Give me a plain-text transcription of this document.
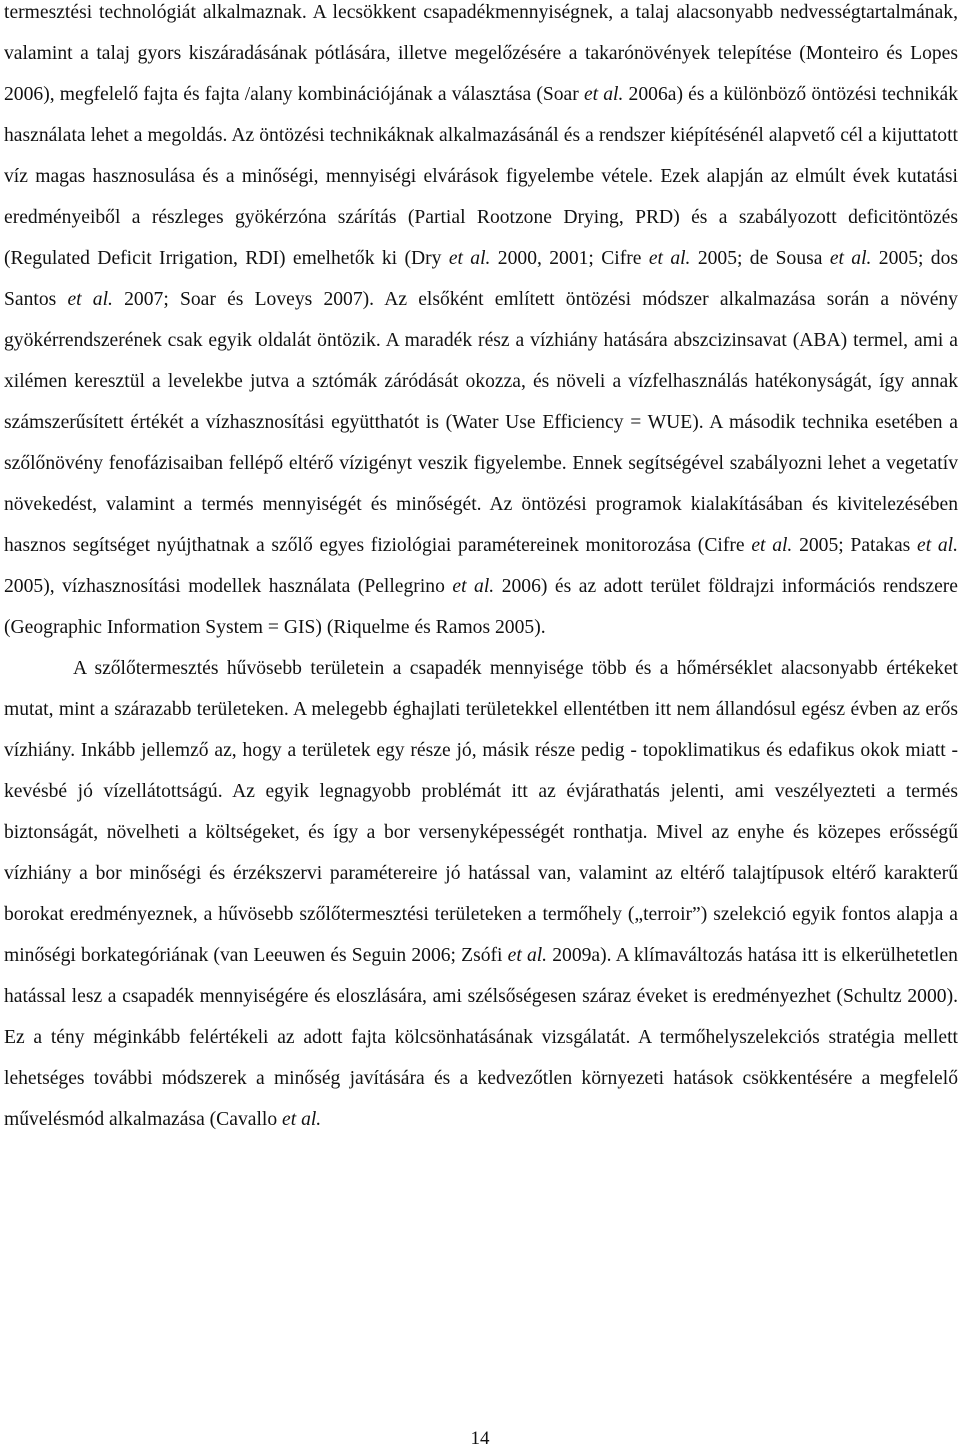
termesztési technológiát alkalmaznak. A lecsökkent csapadékmennyiségnek, a talaj alacsonyabb nedvességtartalmának, valamint a talaj gyors kiszáradásának pótlására, illetve megelőzésére a takarónövények telepítése (Monteiro és Lopes 2006), megfelelő fajta és fajta /alany kombinációjának a választása (Soar et al. 2006a) és a különböző öntözési technikák használata lehet a megoldás. Az öntözési technikáknak alkalmazásánál és a rendszer kiépítésénél alapvető cél a kijuttatott víz magas hasznosulása és a minőségi, mennyiségi elvárások figyelembe vétele. Ezek alapján az elmúlt évek kutatási eredményeiből a részleges gyökérzóna szárítás (Partial Rootzone Drying, PRD) és a szabályozott deficitöntözés (Regulated Deficit Irrigation, RDI) emelhetők ki (Dry et al. 2000, 2001; Cifre et al. 2005; de Sousa et al. 2005; dos Santos et al. 2007; Soar és Loveys 2007). Az elsőként említett öntözési módszer alkalmazása során a növény gyökérrendszerének csak egyik oldalát öntözik. A maradék rész a vízhiány hatására abszcizinsavat (ABA) termel, ami a xilémen keresztül a levelekbe jutva a sztómák záródását okozza, és növeli a vízfelhasználás hatékonyságát, így annak számszerűsített értékét a vízhasznosítási együtthatót is (Water Use Efficiency = WUE). A második technika esetében a szőlőnövény fenofázisaiban fellépő eltérő vízigényt veszik figyelembe. Ennek segítségével szabályozni lehet a vegetatív növekedést, valamint a termés mennyiségét és minőségét. Az öntözési programok kialakításában és kivitelezésében hasznos segítséget nyújthatnak a szőlő egyes fiziológiai paramétereinek monitorozása (Cifre et al. 2005; Patakas et al. 2005), vízhasznosítási modellek használata (Pellegrino et al. 2006) és az adott terület földrajzi információs rendszere (Geographic Information System = GIS) (Riquelme és Ramos 2005).

A szőlőtermesztés hűvösebb területein a csapadék mennyisége több és a hőmérséklet alacsonyabb értékeket mutat, mint a szárazabb területeken. A melegebb éghajlati területekkel ellentétben itt nem állandósul egész évben az erős vízhiány. Inkább jellemző az, hogy a területek egy része jó, másik része pedig - topoklimatikus és edafikus okok miatt - kevésbé jó vízellátottságú. Az egyik legnagyobb problémát itt az évjárathatás jelenti, ami veszélyezteti a termés biztonságát, növelheti a költségeket, és így a bor versenyképességét ronthatja. Mivel az enyhe és közepes erősségű vízhiány a bor minőségi és érzékszervi paramétereire jó hatással van, valamint az eltérő talajtípusok eltérő karakterű borokat eredményeznek, a hűvösebb szőlőtermesztési területeken a termőhely („terroir”) szelekció egyik fontos alapja a minőségi borkategóriának (van Leeuwen és Seguin 2006; Zsófi et al. 2009a). A klímaváltozás hatása itt is elkerülhetetlen hatással lesz a csapadék mennyiségére és eloszlására, ami szélsőségesen száraz éveket is eredményezhet (Schultz 2000). Ez a tény méginkább felértékeli az adott fajta kölcsönhatásának vizsgálatát. A termőhelyszelekciós stratégia mellett lehetséges további módszerek a minőség javítására és a kedvezőtlen környezeti hatások csökkentésére a megfelelő művelésmód alkalmazása (Cavallo et al.

14
